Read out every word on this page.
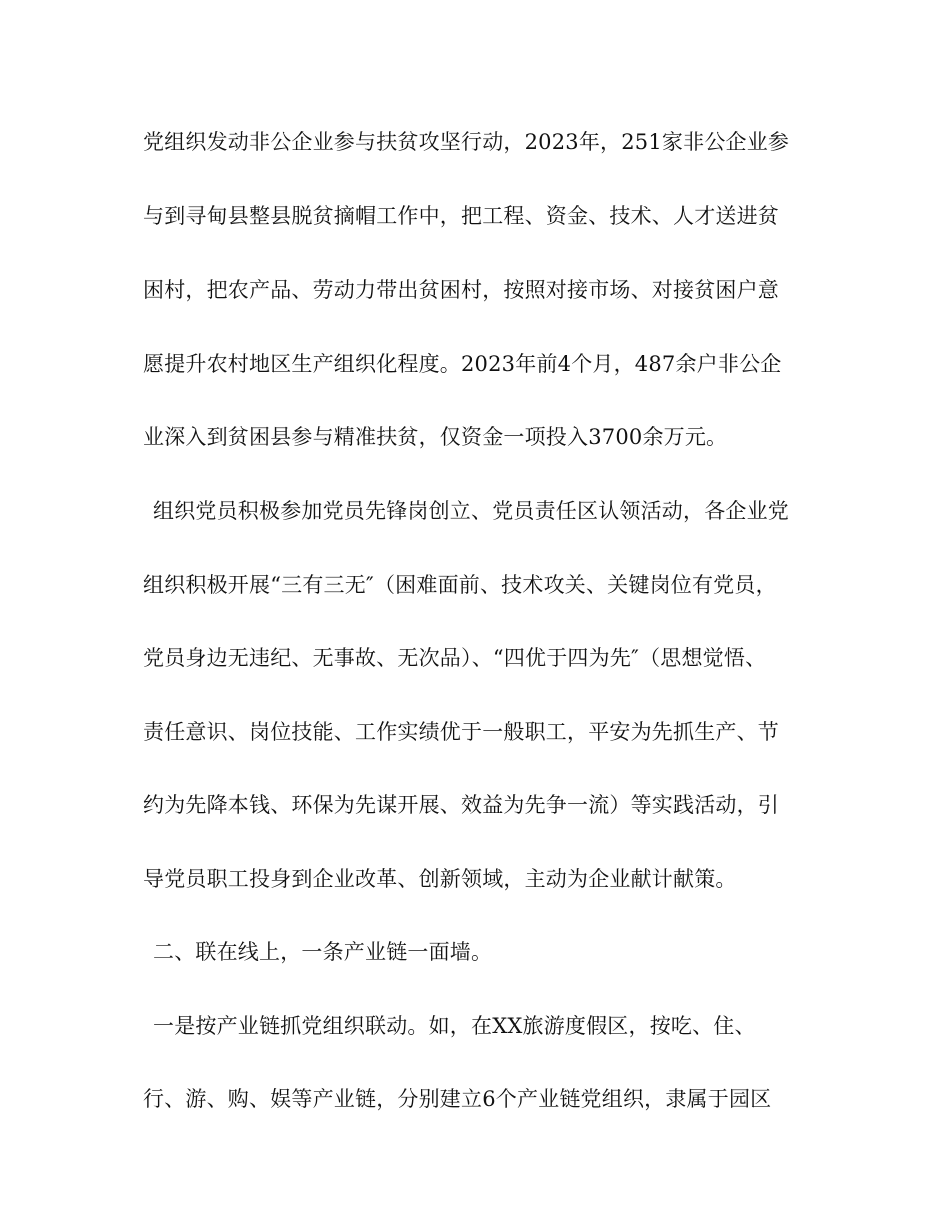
党组织发动非公企业参与扶贫攻坚行动，2023年，251家非公企业参
与到寻甸县整县脱贫摘帽工作中，把工程、资金、技术、人才送进贫
困村，把农产品、劳动力带出贫困村，按照对接市场、对接贫困户意
愿提升农村地区生产组织化程度。2023年前4个月，487余户非公企
业深入到贫困县参与精准扶贫，仅资金一项投入3700余万元。
组织党员积极参加党员先锋岗创立、党员责任区认领活动，各企业党
组织积极开展“三有三无″（困难面前、技术攻关、关键岗位有党员，
党员身边无违纪、无事故、无次品）、“四优于四为先″（思想觉悟、
责任意识、岗位技能、工作实绩优于一般职工，平安为先抓生产、节
约为先降本钱、环保为先谋开展、效益为先争一流）等实践活动，引
导党员职工投身到企业改革、创新领域，主动为企业献计献策。
二、联在线上，一条产业链一面墙。
一是按产业链抓党组织联动。如，在XX旅游度假区，按吃、住、
行、游、购、娱等产业链，分别建立6个产业链党组织，隶属于园区
